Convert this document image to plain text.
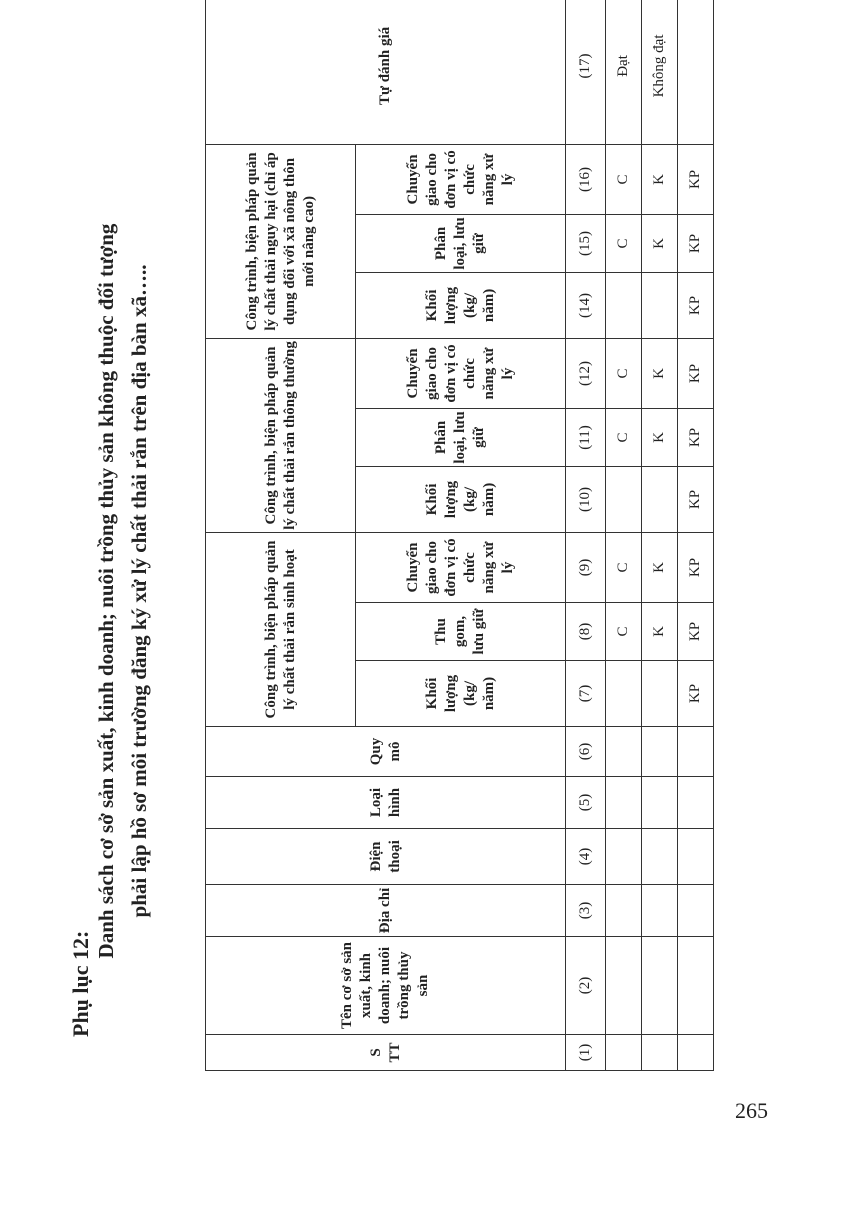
Phụ lục 12:
Danh sách cơ sở sản xuất, kinh doanh; nuôi trồng thủy sản không thuộc đối tượng phải lập hồ sơ môi trường đăng ký xử lý chất thải rắn trên địa bàn xã…..
S TT	Tên cơ sở sản xuất, kinh doanh; nuôi trồng thủy sản	Địa chỉ	Điện thoại	Loại hình	Quy mô	Công trình, biện pháp quản lý chất thải rắn sinh hoạt			Công trình, biện pháp quản lý chất thải rắn thông thường			Công trình, biện pháp quản lý chất thải nguy hại (chỉ áp dụng đối với xã nông thôn mới nâng cao)			Tự đánh giá
						Khối lượng (kg/ năm)	Thu gom, lưu giữ	Chuyển giao cho đơn vị có chức năng xử lý	Khối lượng (kg/ năm)	Phân loại, lưu giữ	Chuyển giao cho đơn vị có chức năng xử lý	Khối lượng (kg/ năm)	Phân loại, lưu giữ	Chuyển giao cho đơn vị có chức năng xử lý	
(1)	(2)	(3)	(4)	(5)	(6)	(7)	(8)	(9)	(10)	(11)	(12)	(14)	(15)	(16)	(17)
							C	C		C	C		C	C	Đạt
							K	K		K	K		K	K	Không đạt
						KP	KP	KP	KP	KP	KP	KP	KP	KP	
265
